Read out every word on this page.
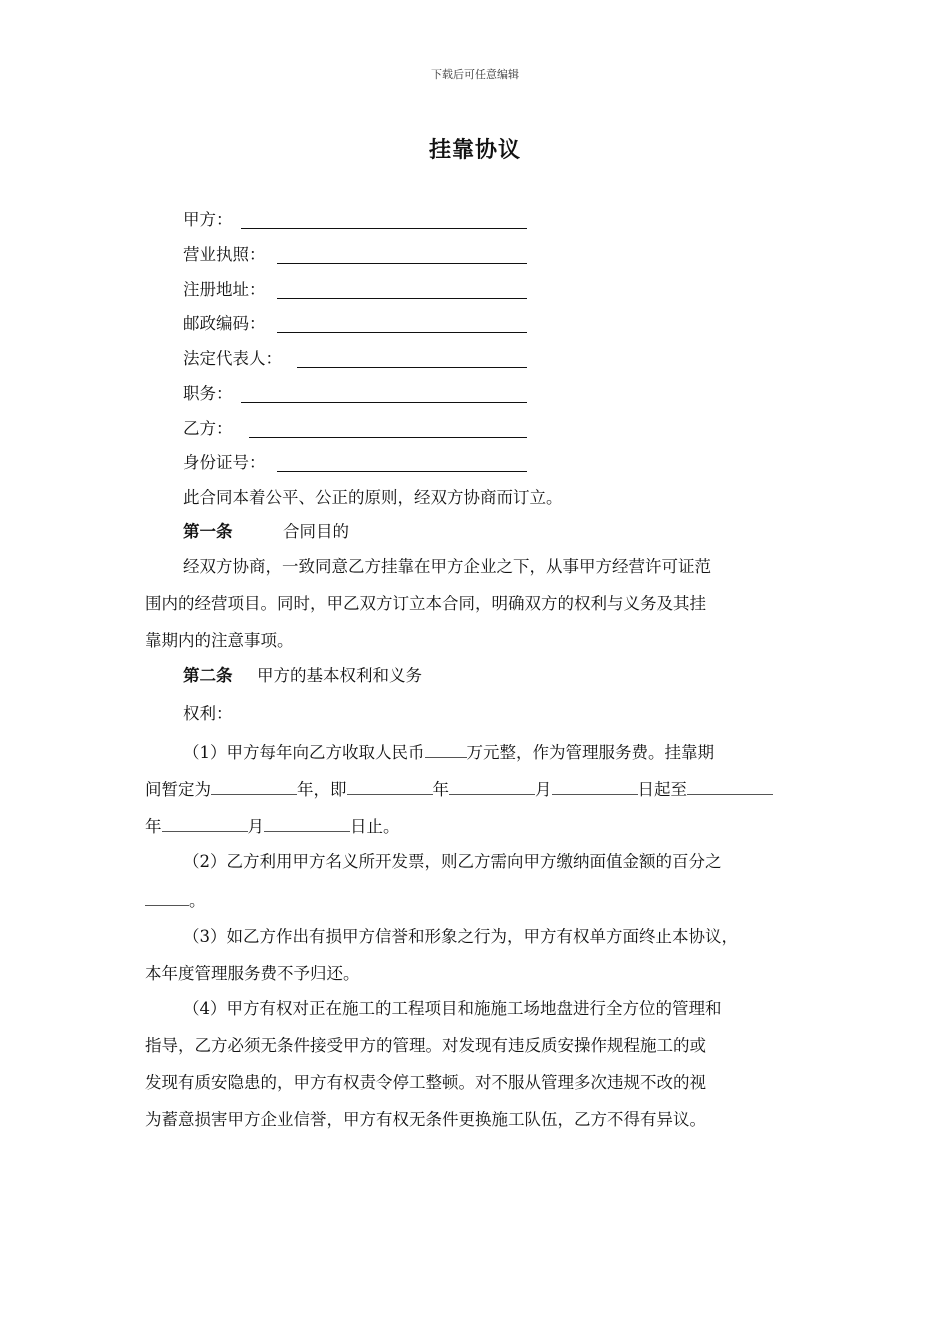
下载后可任意编辑
挂靠协议
甲方：
营业执照：
注册地址：
邮政编码：
法定代表人：
职务：
乙方：
身份证号：
此合同本着公平、公正的原则，经双方协商而订立。
第一条	合同目的
经双方协商，一致同意乙方挂靠在甲方企业之下，从事甲方经营许可证范
围内的经营项目。同时，甲乙双方订立本合同，明确双方的权利与义务及其挂
靠期内的注意事项。
第二条 甲方的基本权利和义务
权利：
（1）甲方每年向乙方收取人民币	万元整，作为管理服务费。挂靠期
间暂定为	年，即	年	月	日起至
年	月	日止。
（2）乙方利用甲方名义所开发票，则乙方需向甲方缴纳面值金额的百分之
。
（3）如乙方作出有损甲方信誉和形象之行为，甲方有权单方面终止本协议，
本年度管理服务费不予归还。
（4）甲方有权对正在施工的工程项目和施施工场地盘进行全方位的管理和
指导，乙方必须无条件接受甲方的管理。对发现有违反质安操作规程施工的或
发现有质安隐患的，甲方有权责令停工整顿。对不服从管理多次违规不改的视
为蓄意损害甲方企业信誉，甲方有权无条件更换施工队伍，乙方不得有异议。
